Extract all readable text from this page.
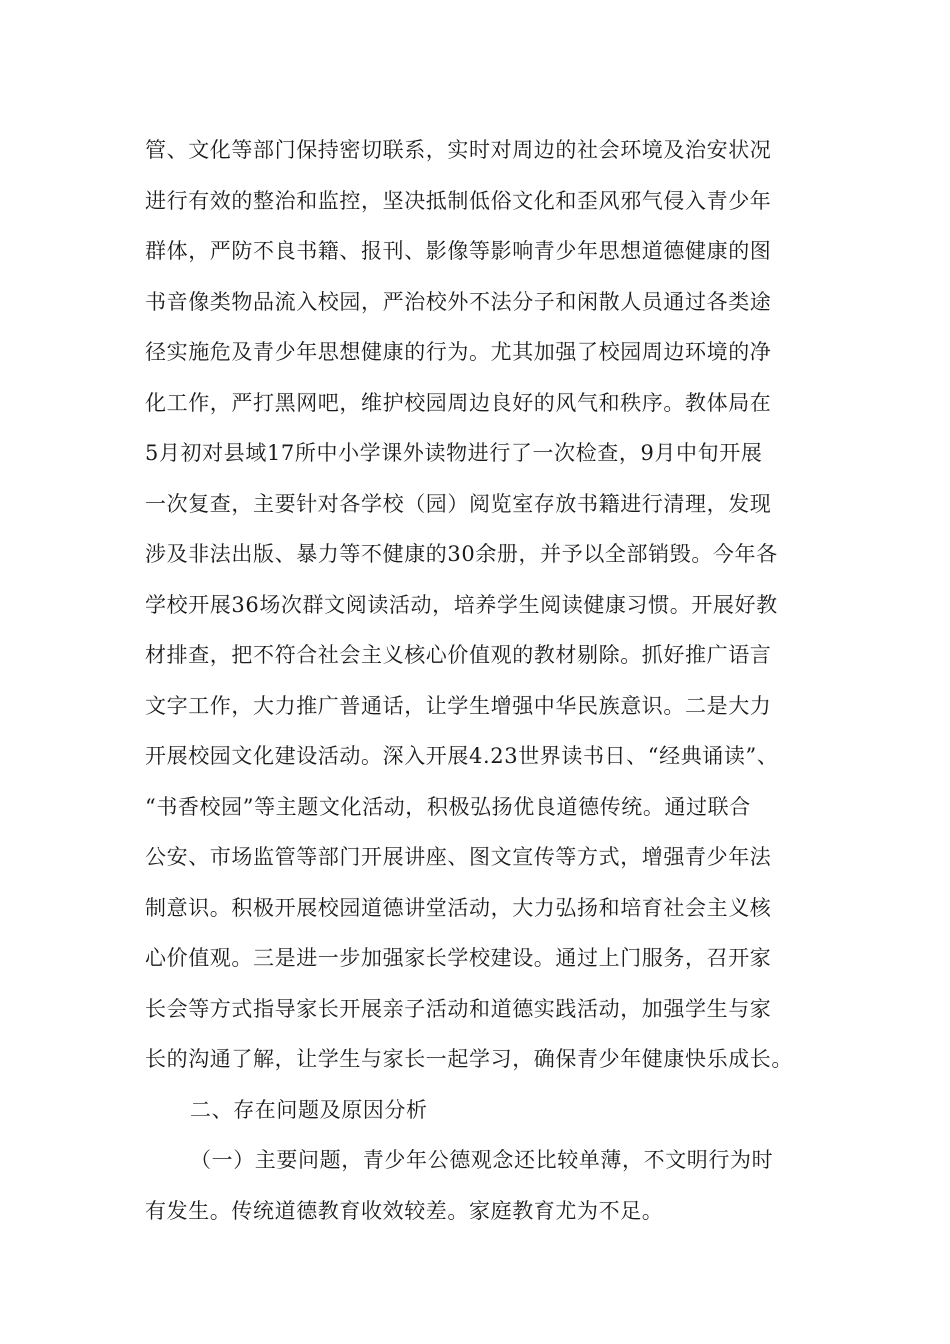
管、文化等部门保持密切联系，实时对周边的社会环境及治安状况
进行有效的整治和监控，坚决抵制低俗文化和歪风邪气侵入青少年
群体，严防不良书籍、报刊、影像等影响青少年思想道德健康的图
书音像类物品流入校园，严治校外不法分子和闲散人员通过各类途
径实施危及青少年思想健康的行为。尤其加强了校园周边环境的净
化工作，严打黑网吧，维护校园周边良好的风气和秩序。教体局在
5月初对县域17所中小学课外读物进行了一次检查，9月中旬开展
一次复查，主要针对各学校（园）阅览室存放书籍进行清理，发现
涉及非法出版、暴力等不健康的30余册，并予以全部销毁。今年各
学校开展36场次群文阅读活动，培养学生阅读健康习惯。开展好教
材排查，把不符合社会主义核心价值观的教材剔除。抓好推广语言
文字工作，大力推广普通话，让学生增强中华民族意识。二是大力
开展校园文化建设活动。深入开展4.23世界读书日、“经典诵读”、
“书香校园”等主题文化活动，积极弘扬优良道德传统。通过联合
公安、市场监管等部门开展讲座、图文宣传等方式，增强青少年法
制意识。积极开展校园道德讲堂活动，大力弘扬和培育社会主义核
心价值观。三是进一步加强家长学校建设。通过上门服务，召开家
长会等方式指导家长开展亲子活动和道德实践活动，加强学生与家
长的沟通了解，让学生与家长一起学习，确保青少年健康快乐成长。
二、存在问题及原因分析
（一）主要问题，青少年公德观念还比较单薄，不文明行为时
有发生。传统道德教育收效较差。家庭教育尤为不足。
